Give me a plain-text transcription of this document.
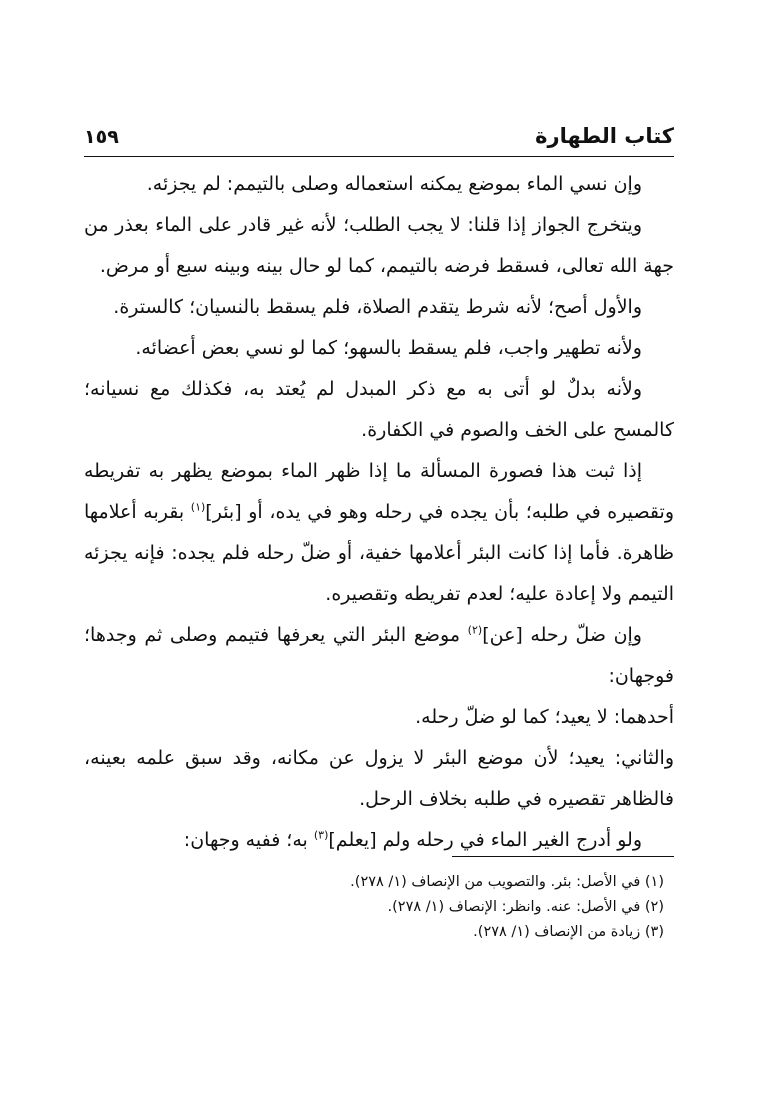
كتاب الطهارة
١٥٩

وإن نسي الماء بموضع يمكنه استعماله وصلى بالتيمم: لم يجزئه.

ويتخرج الجواز إذا قلنا: لا يجب الطلب؛ لأنه غير قادر على الماء بعذر من جهة الله تعالى، فسقط فرضه بالتيمم، كما لو حال بينه وبينه سبع أو مرض.

والأول أصح؛ لأنه شرط يتقدم الصلاة، فلم يسقط بالنسيان؛ كالسترة.

ولأنه تطهير واجب، فلم يسقط بالسهو؛ كما لو نسي بعض أعضائه.

ولأنه بدلٌ لو أتى به مع ذكر المبدل لم يُعتد به، فكذلك مع نسيانه؛ كالمسح على الخف والصوم في الكفارة.

إذا ثبت هذا فصورة المسألة ما إذا ظهر الماء بموضع يظهر به تفريطه وتقصيره في طلبه؛ بأن يجده في رحله وهو في يده، أو [بئر]$^{(١)}$ بقربه أعلامها ظاهرة. فأما إذا كانت البئر أعلامها خفية، أو ضلّ رحله فلم يجده: فإنه يجزئه التيمم ولا إعادة عليه؛ لعدم تفريطه وتقصيره.

وإن ضلّ رحله [عن]$^{(٢)}$ موضع البئر التي يعرفها فتيمم وصلى ثم وجدها؛ فوجهان:

أحدهما: لا يعيد؛ كما لو ضلّ رحله.

والثاني: يعيد؛ لأن موضع البئر لا يزول عن مكانه، وقد سبق علمه بعينه، فالظاهر تقصيره في طلبه بخلاف الرحل.

ولو أدرج الغير الماء في رحله ولم [يعلم]$^{(٣)}$ به؛ ففيه وجهان:

(١) في الأصل: بئر. والتصويب من الإنصاف (١/ ٢٧٨).

(٢) في الأصل: عنه. وانظر: الإنصاف (١/ ٢٧٨).

(٣) زيادة من الإنصاف (١/ ٢٧٨).
